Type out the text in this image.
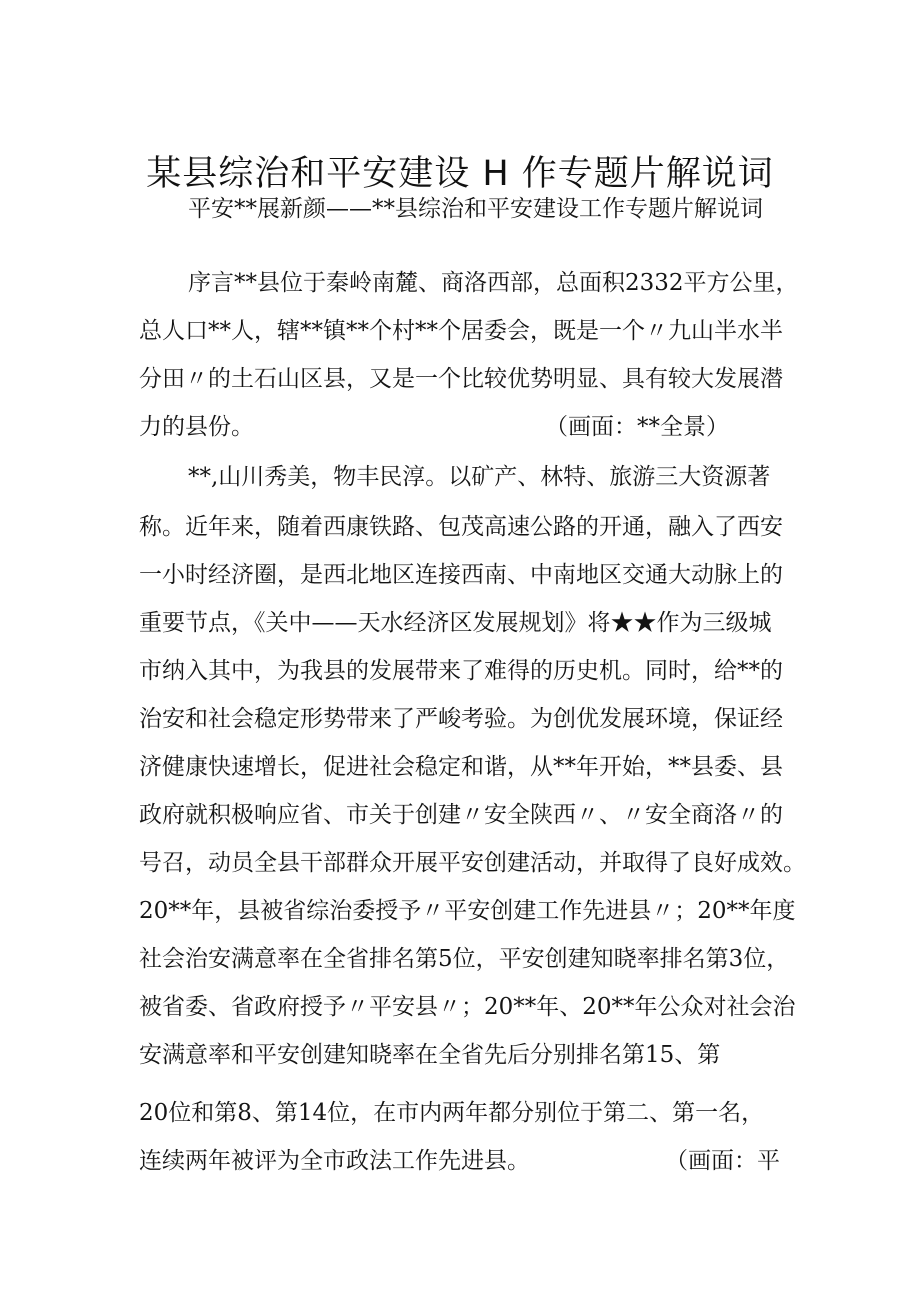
某县综治和平安建设 H 作专题片解说词
平安**展新颜——**县综治和平安建设工作专题片解说词
序言**县位于秦岭南麓、商洛西部，总面积2332平方公里，
总人口**人，辖**镇**个村**个居委会，既是一个〃九山半水半
分田〃的土石山区县，又是一个比较优势明显、具有较大发展潜
力的县份。	（画面：**全景）
**,山川秀美，物丰民淳。以矿产、林特、旅游三大资源著
称。近年来，随着西康铁路、包茂高速公路的开通，融入了西安
一小时经济圈，是西北地区连接西南、中南地区交通大动脉上的
重要节点，《关中——天水经济区发展规划》将★★作为三级城
市纳入其中，为我县的发展带来了难得的历史机。同时，给**的
治安和社会稳定形势带来了严峻考验。为创优发展环境，保证经
济健康快速增长，促进社会稳定和谐，从**年开始，**县委、县
政府就积极响应省、市关于创建〃安全陕西〃、〃安全商洛〃的
号召，动员全县干部群众开展平安创建活动，并取得了良好成效。
20**年，县被省综治委授予〃平安创建工作先进县〃；20**年度
社会治安满意率在全省排名第5位，平安创建知晓率排名第3位，
被省委、省政府授予〃平安县〃；20**年、20**年公众对社会治
安满意率和平安创建知晓率在全省先后分别排名第15、第
20位和第8、第14位，在市内两年都分别位于第二、第一名，
连续两年被评为全市政法工作先进县。	（画面：平
